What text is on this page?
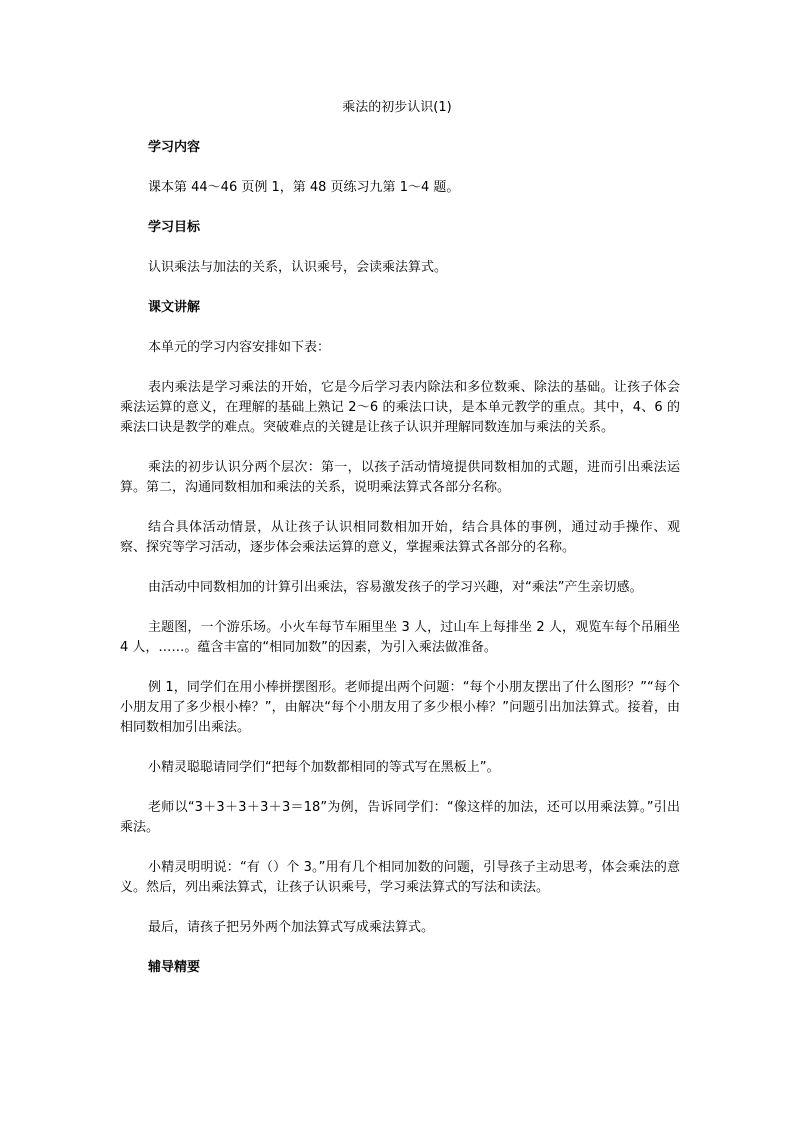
乘法的初步认识(1)
学习内容
课本第 44～46 页例 1，第 48 页练习九第 1～4 题。
学习目标
认识乘法与加法的关系，认识乘号，会读乘法算式。
课文讲解
本单元的学习内容安排如下表：

表内乘法是学习乘法的开始，它是今后学习表内除法和多位数乘、除法的基础。让孩子体会乘法运算的意义，在理解的基础上熟记 2～6 的乘法口诀，是本单元教学的重点。其中，4、6 的乘法口诀是教学的难点。突破难点的关键是让孩子认识并理解同数连加与乘法的关系。

乘法的初步认识分两个层次：第一，以孩子活动情境提供同数相加的式题，进而引出乘法运算。第二，沟通同数相加和乘法的关系，说明乘法算式各部分名称。

结合具体活动情景，从让孩子认识相同数相加开始，结合具体的事例，通过动手操作、观察、探究等学习活动，逐步体会乘法运算的意义，掌握乘法算式各部分的名称。

由活动中同数相加的计算引出乘法，容易激发孩子的学习兴趣，对“乘法”产生亲切感。

主题图，一个游乐场。小火车每节车厢里坐 3 人，过山车上每排坐 2 人，观览车每个吊厢坐 4 人，……。蕴含丰富的“相同加数”的因素，为引入乘法做准备。

例 1，同学们在用小棒拼摆图形。老师提出两个问题：“每个小朋友摆出了什么图形？”“每个小朋友用了多少根小棒？”，由解决“每个小朋友用了多少根小棒？”问题引出加法算式。接着，由相同数相加引出乘法。

小精灵聪聪请同学们“把每个加数都相同的等式写在黑板上”。

老师以“3＋3＋3＋3＋3＝18”为例，告诉同学们：“像这样的加法，还可以用乘法算。”引出乘法。

小精灵明明说：“有（）个 3。”用有几个相同加数的问题，引导孩子主动思考，体会乘法的意义。然后，列出乘法算式，让孩子认识乘号，学习乘法算式的写法和读法。

最后，请孩子把另外两个加法算式写成乘法算式。

辅导精要
